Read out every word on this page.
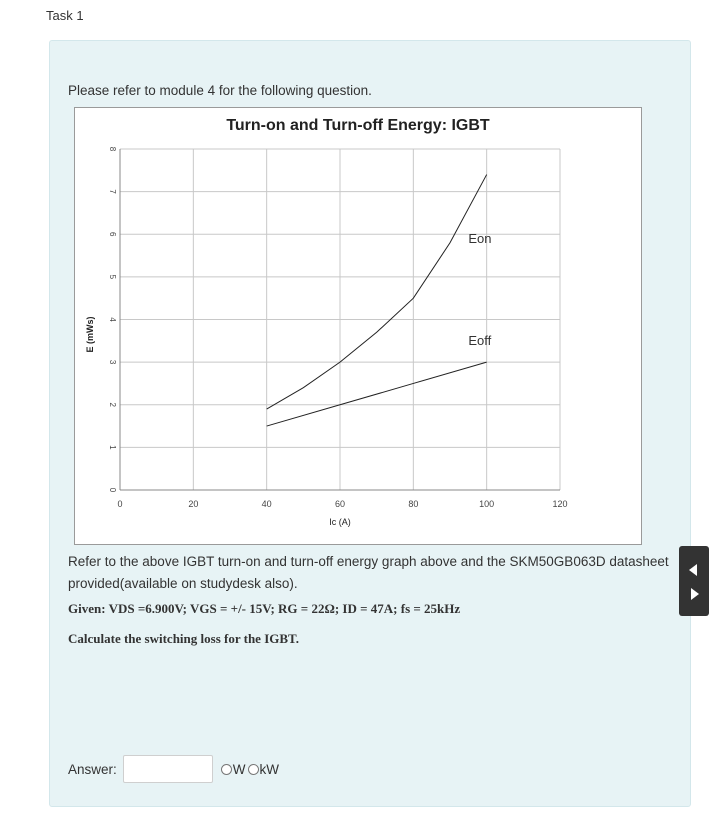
Task 1
Please refer to module 4 for the following question.
Turn-on and Turn-off Energy: IGBT
0	20	40	60	80	100	120
0
1
2
3
4
5
6
7
8
Ic (A)
E (mWs)
Eon
Eoff
Refer to the above IGBT turn-on and turn-off energy graph above and the SKM50GB063D datasheet provided(available on studydesk also).
Given: VDS =6.900V; VGS = +/- 15V; RG = 22Ω; ID = 47A; fs = 25kHz
Calculate the switching loss for the IGBT.
Answer:	W kW
